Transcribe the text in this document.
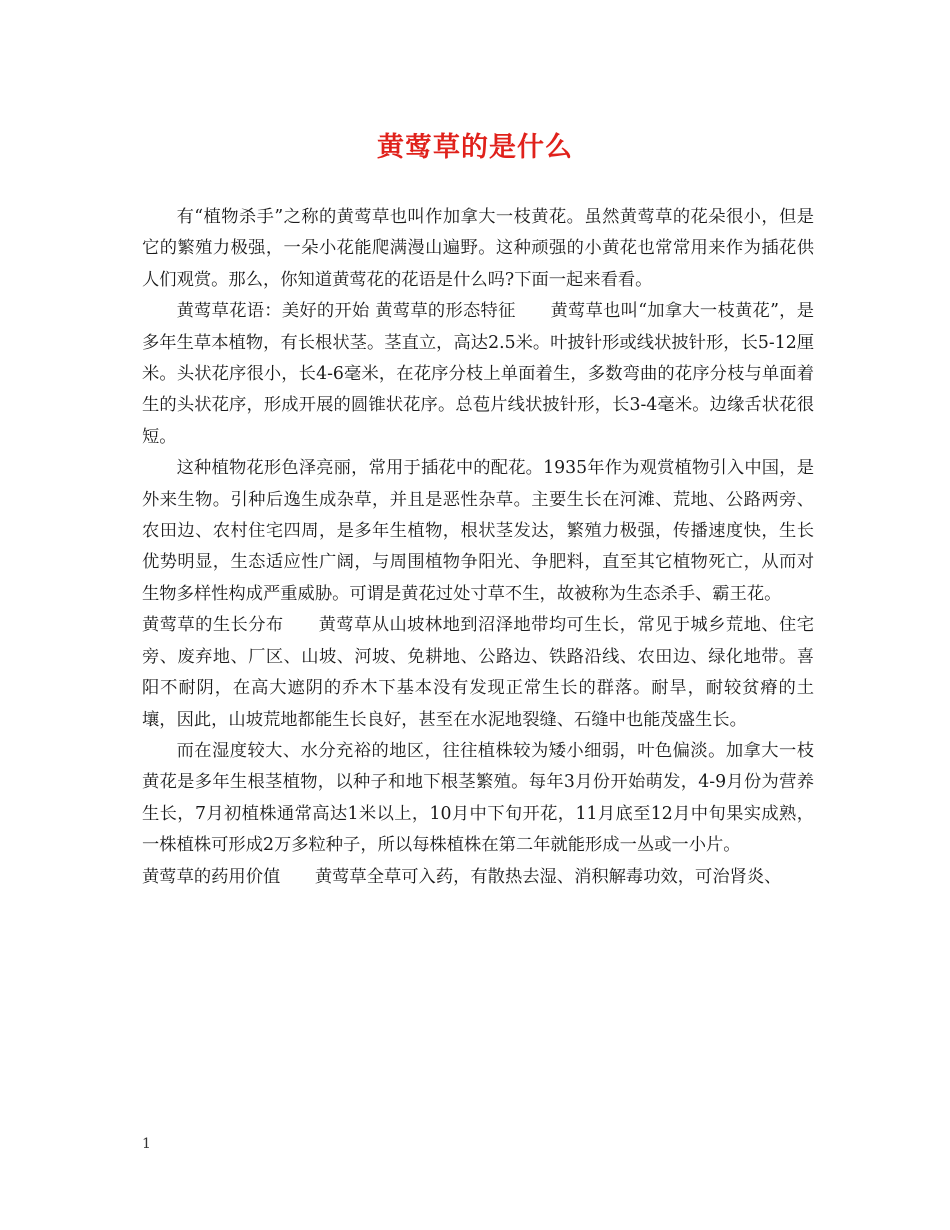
黄莺草的是什么

有“植物杀手”之称的黄莺草也叫作加拿大一枝黄花。虽然黄莺草的花朵很小，但是它的繁殖力极强，一朵小花能爬满漫山遍野。这种顽强的小黄花也常常用来作为插花供人们观赏。那么，你知道黄莺花的花语是什么吗?下面一起来看看。

黄莺草花语：美好的开始 黄莺草的形态特征 黄莺草也叫“加拿大一枝黄花”，是多年生草本植物，有长根状茎。茎直立，高达2.5米。叶披针形或线状披针形，长5-12厘米。头状花序很小，长4-6毫米，在花序分枝上单面着生，多数弯曲的花序分枝与单面着生的头状花序，形成开展的圆锥状花序。总苞片线状披针形，长3-4毫米。边缘舌状花很短。

这种植物花形色泽亮丽，常用于插花中的配花。1935年作为观赏植物引入中国，是外来生物。引种后逸生成杂草，并且是恶性杂草。主要生长在河滩、荒地、公路两旁、农田边、农村住宅四周，是多年生植物，根状茎发达，繁殖力极强，传播速度快，生长优势明显，生态适应性广阔，与周围植物争阳光、争肥料，直至其它植物死亡，从而对生物多样性构成严重威胁。可谓是黄花过处寸草不生，故被称为生态杀手、霸王花。

黄莺草的生长分布 黄莺草从山坡林地到沼泽地带均可生长，常见于城乡荒地、住宅旁、废弃地、厂区、山坡、河坡、免耕地、公路边、铁路沿线、农田边、绿化地带。喜阳不耐阴，在高大遮阴的乔木下基本没有发现正常生长的群落。耐旱，耐较贫瘠的土壤，因此，山坡荒地都能生长良好，甚至在水泥地裂缝、石缝中也能茂盛生长。

而在湿度较大、水分充裕的地区，往往植株较为矮小细弱，叶色偏淡。加拿大一枝黄花是多年生根茎植物，以种子和地下根茎繁殖。每年3月份开始萌发，4-9月份为营养生长，7月初植株通常高达1米以上，10月中下旬开花，11月底至12月中旬果实成熟，一株植株可形成2万多粒种子，所以每株植株在第二年就能形成一丛或一小片。

黄莺草的药用价值 黄莺草全草可入药，有散热去湿、消积解毒功效，可治肾炎、

1
